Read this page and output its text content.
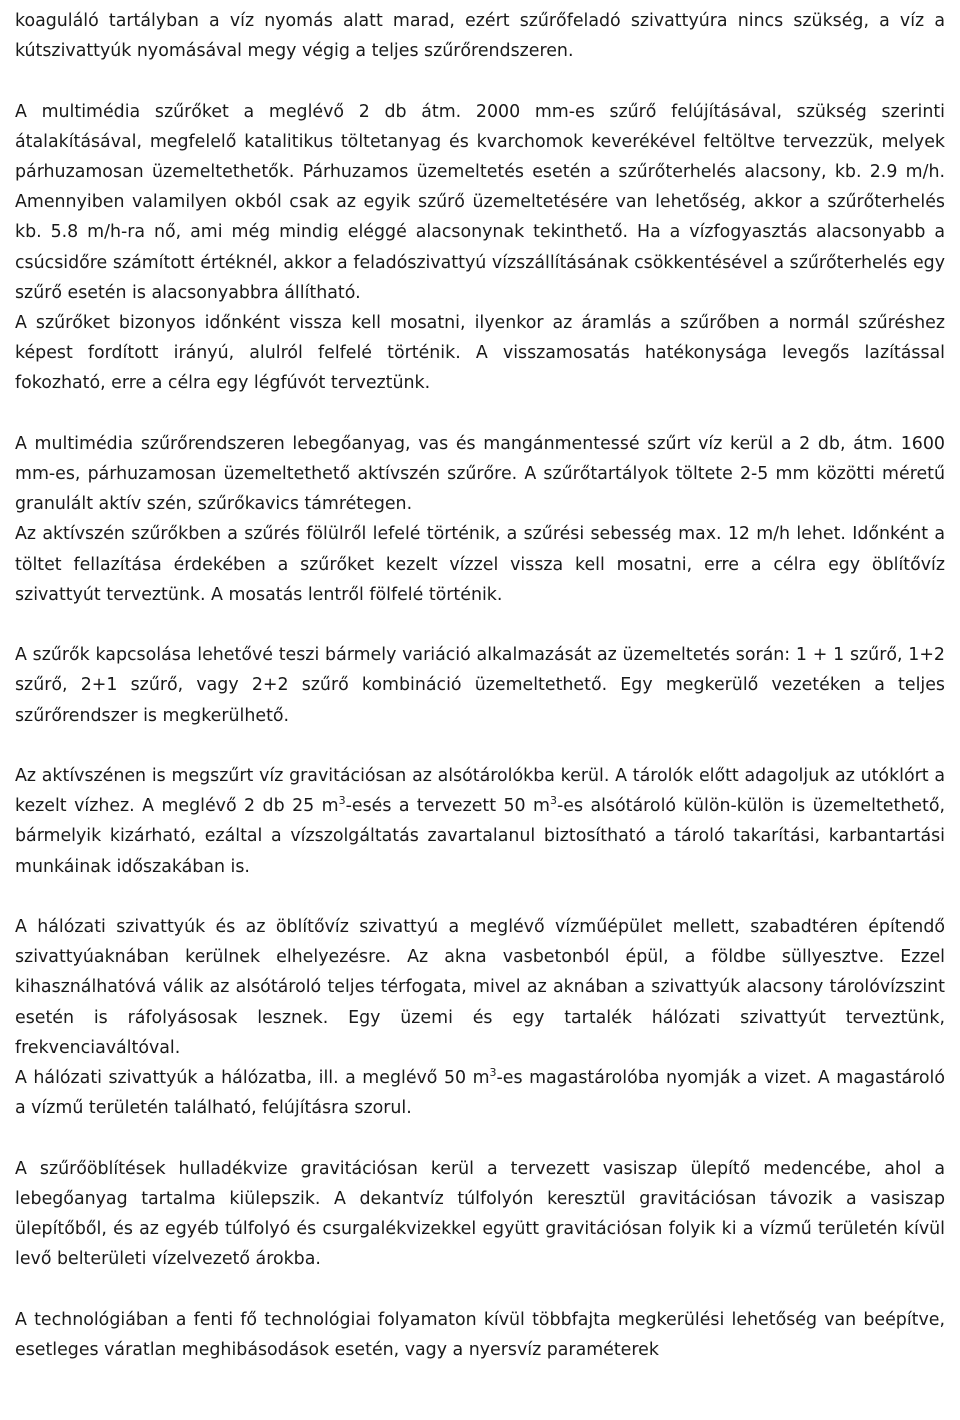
koaguláló tartályban a víz nyomás alatt marad, ezért szűrőfeladó szivattyúra nincs szükség, a víz a kútszivattyúk nyomásával megy végig a teljes szűrőrendszeren.

A multimédia szűrőket a meglévő 2 db átm. 2000 mm-es szűrő felújításával, szükség szerinti átalakításával, megfelelő katalitikus töltetanyag és kvarchomok keverékével feltöltve tervezzük, melyek párhuzamosan üzemeltethetők. Párhuzamos üzemeltetés esetén a szűrőterhelés alacsony, kb. 2.9 m/h. Amennyiben valamilyen okból csak az egyik szűrő üzemeltetésére van lehetőség, akkor a szűrőterhelés kb. 5.8 m/h-ra nő, ami még mindig eléggé alacsonynak tekinthető. Ha a vízfogyasztás alacsonyabb a csúcsidőre számított értéknél, akkor a feladószivattyú vízszállításának csökkentésével a szűrőterhelés egy szűrő esetén is alacsonyabbra állítható.

A szűrőket bizonyos időnként vissza kell mosatni, ilyenkor az áramlás a szűrőben a normál szűréshez képest fordított irányú, alulról felfelé történik. A visszamosatás hatékonysága levegős lazítással fokozható, erre a célra egy légfúvót terveztünk.

A multimédia szűrőrendszeren lebegőanyag, vas és mangánmentessé szűrt víz kerül a 2 db, átm. 1600 mm-es, párhuzamosan üzemeltethető aktívszén szűrőre. A szűrőtartályok töltete 2-5 mm közötti méretű granulált aktív szén, szűrőkavics támrétegen.

Az aktívszén szűrőkben a szűrés fölülről lefelé történik, a szűrési sebesség max. 12 m/h lehet. Időnként a töltet fellazítása érdekében a szűrőket kezelt vízzel vissza kell mosatni, erre a célra egy öblítővíz szivattyút terveztünk. A mosatás lentről fölfelé történik.

A szűrők kapcsolása lehetővé teszi bármely variáció alkalmazását az üzemeltetés során: 1 + 1 szűrő, 1+2 szűrő, 2+1 szűrő, vagy 2+2 szűrő kombináció üzemeltethető. Egy megkerülő vezetéken a teljes szűrőrendszer is megkerülhető.

Az aktívszénen is megszűrt víz gravitációsan az alsótárolókba kerül. A tárolók előtt adagoljuk az utóklórt a kezelt vízhez. A meglévő 2 db 25 $m^3$-esés a tervezett 50 $m^3-es$ alsótároló külön-külön is üzemeltethető, bármelyik kizárható, ezáltal a vízszolgáltatás zavartalanul biztosítható a tároló takarítási, karbantartási munkáinak időszakában is.

A hálózati szivattyúk és az öblítővíz szivattyú a meglévő vízműépület mellett, szabadtéren építendő szivattyúaknában kerülnek elhelyezésre. Az akna vasbetonból épül, a földbe süllyesztve. Ezzel kihasználhatóvá válik az alsótároló teljes térfogata, mivel az aknában a szivattyúk alacsony tárolóvízszint esetén is ráfolyásosak lesznek. Egy üzemi és egy tartalék hálózati szivattyút terveztünk, frekvenciaváltóval.

A hálózati szivattyúk a hálózatba, ill. a meglévő 50 $m^3-es$ magastárolóba nyomják a vizet. A magastároló a vízmű területén található, felújításra szorul.

A szűrőöblítések hulladékvize gravitációsan kerül a tervezett vasiszap ülepítő medencébe, ahol a lebegőanyag tartalma kiülepszik. A dekantvíz túlfolyón keresztül gravitációsan távozik a vasiszap ülepítőből, és az egyéb túlfolyó és csurgalékvizekkel együtt gravitációsan folyik ki a vízmű területén kívül levő belterületi vízelvezető árokba.

A technológiában a fenti fő technológiai folyamaton kívül többfajta megkerülési lehetőség van beépítve, esetleges váratlan meghibásodások esetén, vagy a nyersvíz paraméterek
